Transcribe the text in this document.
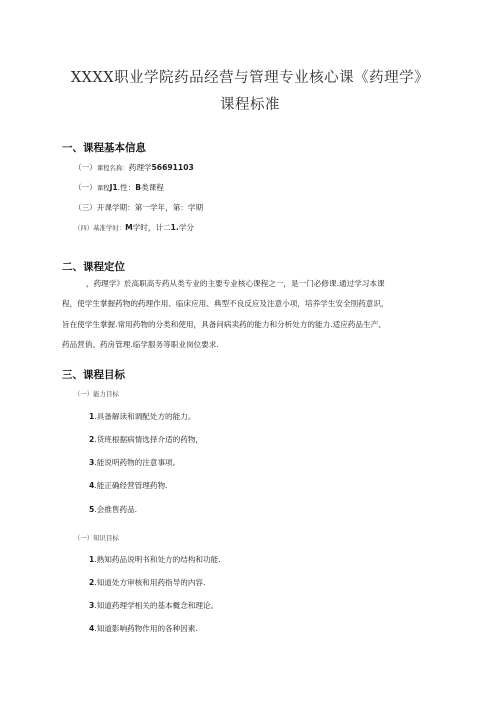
XXXX职业学院药品经营与管理专业核心课《药理学》
课程标准
一、课程基本信息
（一）课程名称：药理学56691103
（一）课程J1.性：B类课程
（三）开课学期：第一学年，第：学期
（四）基准学时：M学时，计二1.学分
二、课程定位
，药理学》於高职高专药从类专业的主要专业核心课程之一，是一门必修课.通过学习本课
程，使学生掌握药物的药理作用、临床应用、典型不良反应及注意小项，培养学生安全刖药意识，
旨在使学生掌握.常用药物的分类和使用，具备问病卖药的能力和分析处方的能力.适应药品生产、
药品营俏、药房管理.临学服务等职业岗位要求.
三、课程目标
（一）能力目标
1.具备解读和调配处方的能力。
2.货班根据病情选择介适的药物，
3.能说明药物的注意事项。
4.能正确经营管理药物.
5.会推售药品.
（一）知识目标
1.熟知药品说明书和处方的结构和功能.
2.知道处方审核和用药指导的内容.
3.知道药理学相关的基本概念和理论。
4.知道影响药物作用的各种因素.
